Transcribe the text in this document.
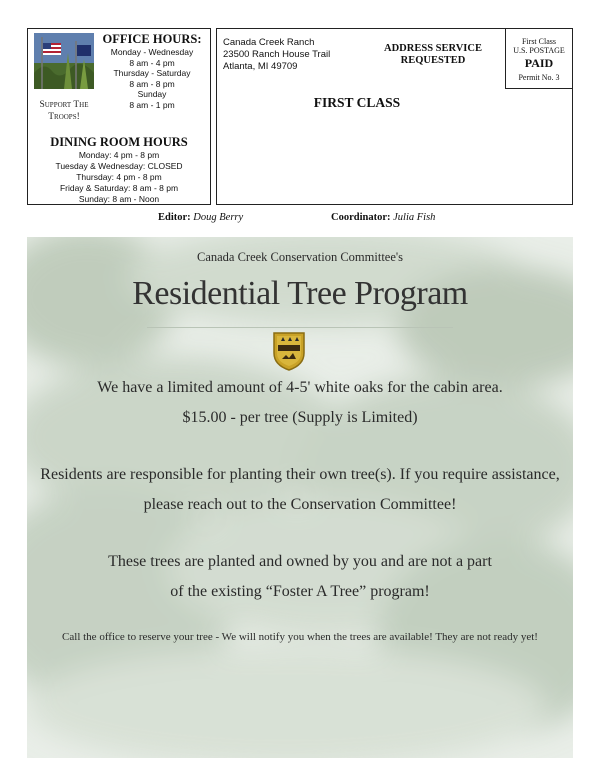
Support The
Troops!
OFFICE HOURS:
Monday - Wednesday
8 am - 4 pm
Thursday - Saturday
8 am - 8 pm
Sunday
8 am - 1 pm
DINING ROOM HOURS
Monday: 4 pm - 8 pm
Tuesday & Wednesday: CLOSED
Thursday: 4 pm - 8 pm
Friday & Saturday: 8 am - 8 pm
Sunday: 8 am - Noon
Canada Creek Ranch
23500 Ranch House Trail
Atlanta, MI 49709
ADDRESS SERVICE
REQUESTED
FIRST CLASS
First Class
U.S. POSTAGE
PAID
Permit No. 3
Editor: Doug Berry	Coordinator: Julia Fish
Canada Creek Conservation Committee's
Residential Tree Program
We have a limited amount of 4-5' white oaks for the cabin area.
$15.00 - per tree (Supply is Limited)
Residents are responsible for planting their own tree(s). If you require assistance,
please reach out to the Conservation Committee!
These trees are planted and owned by you and are not a part
of the existing “Foster A Tree” program!
Call the office to reserve your tree - We will notify you when the trees are available! They are not ready yet!
